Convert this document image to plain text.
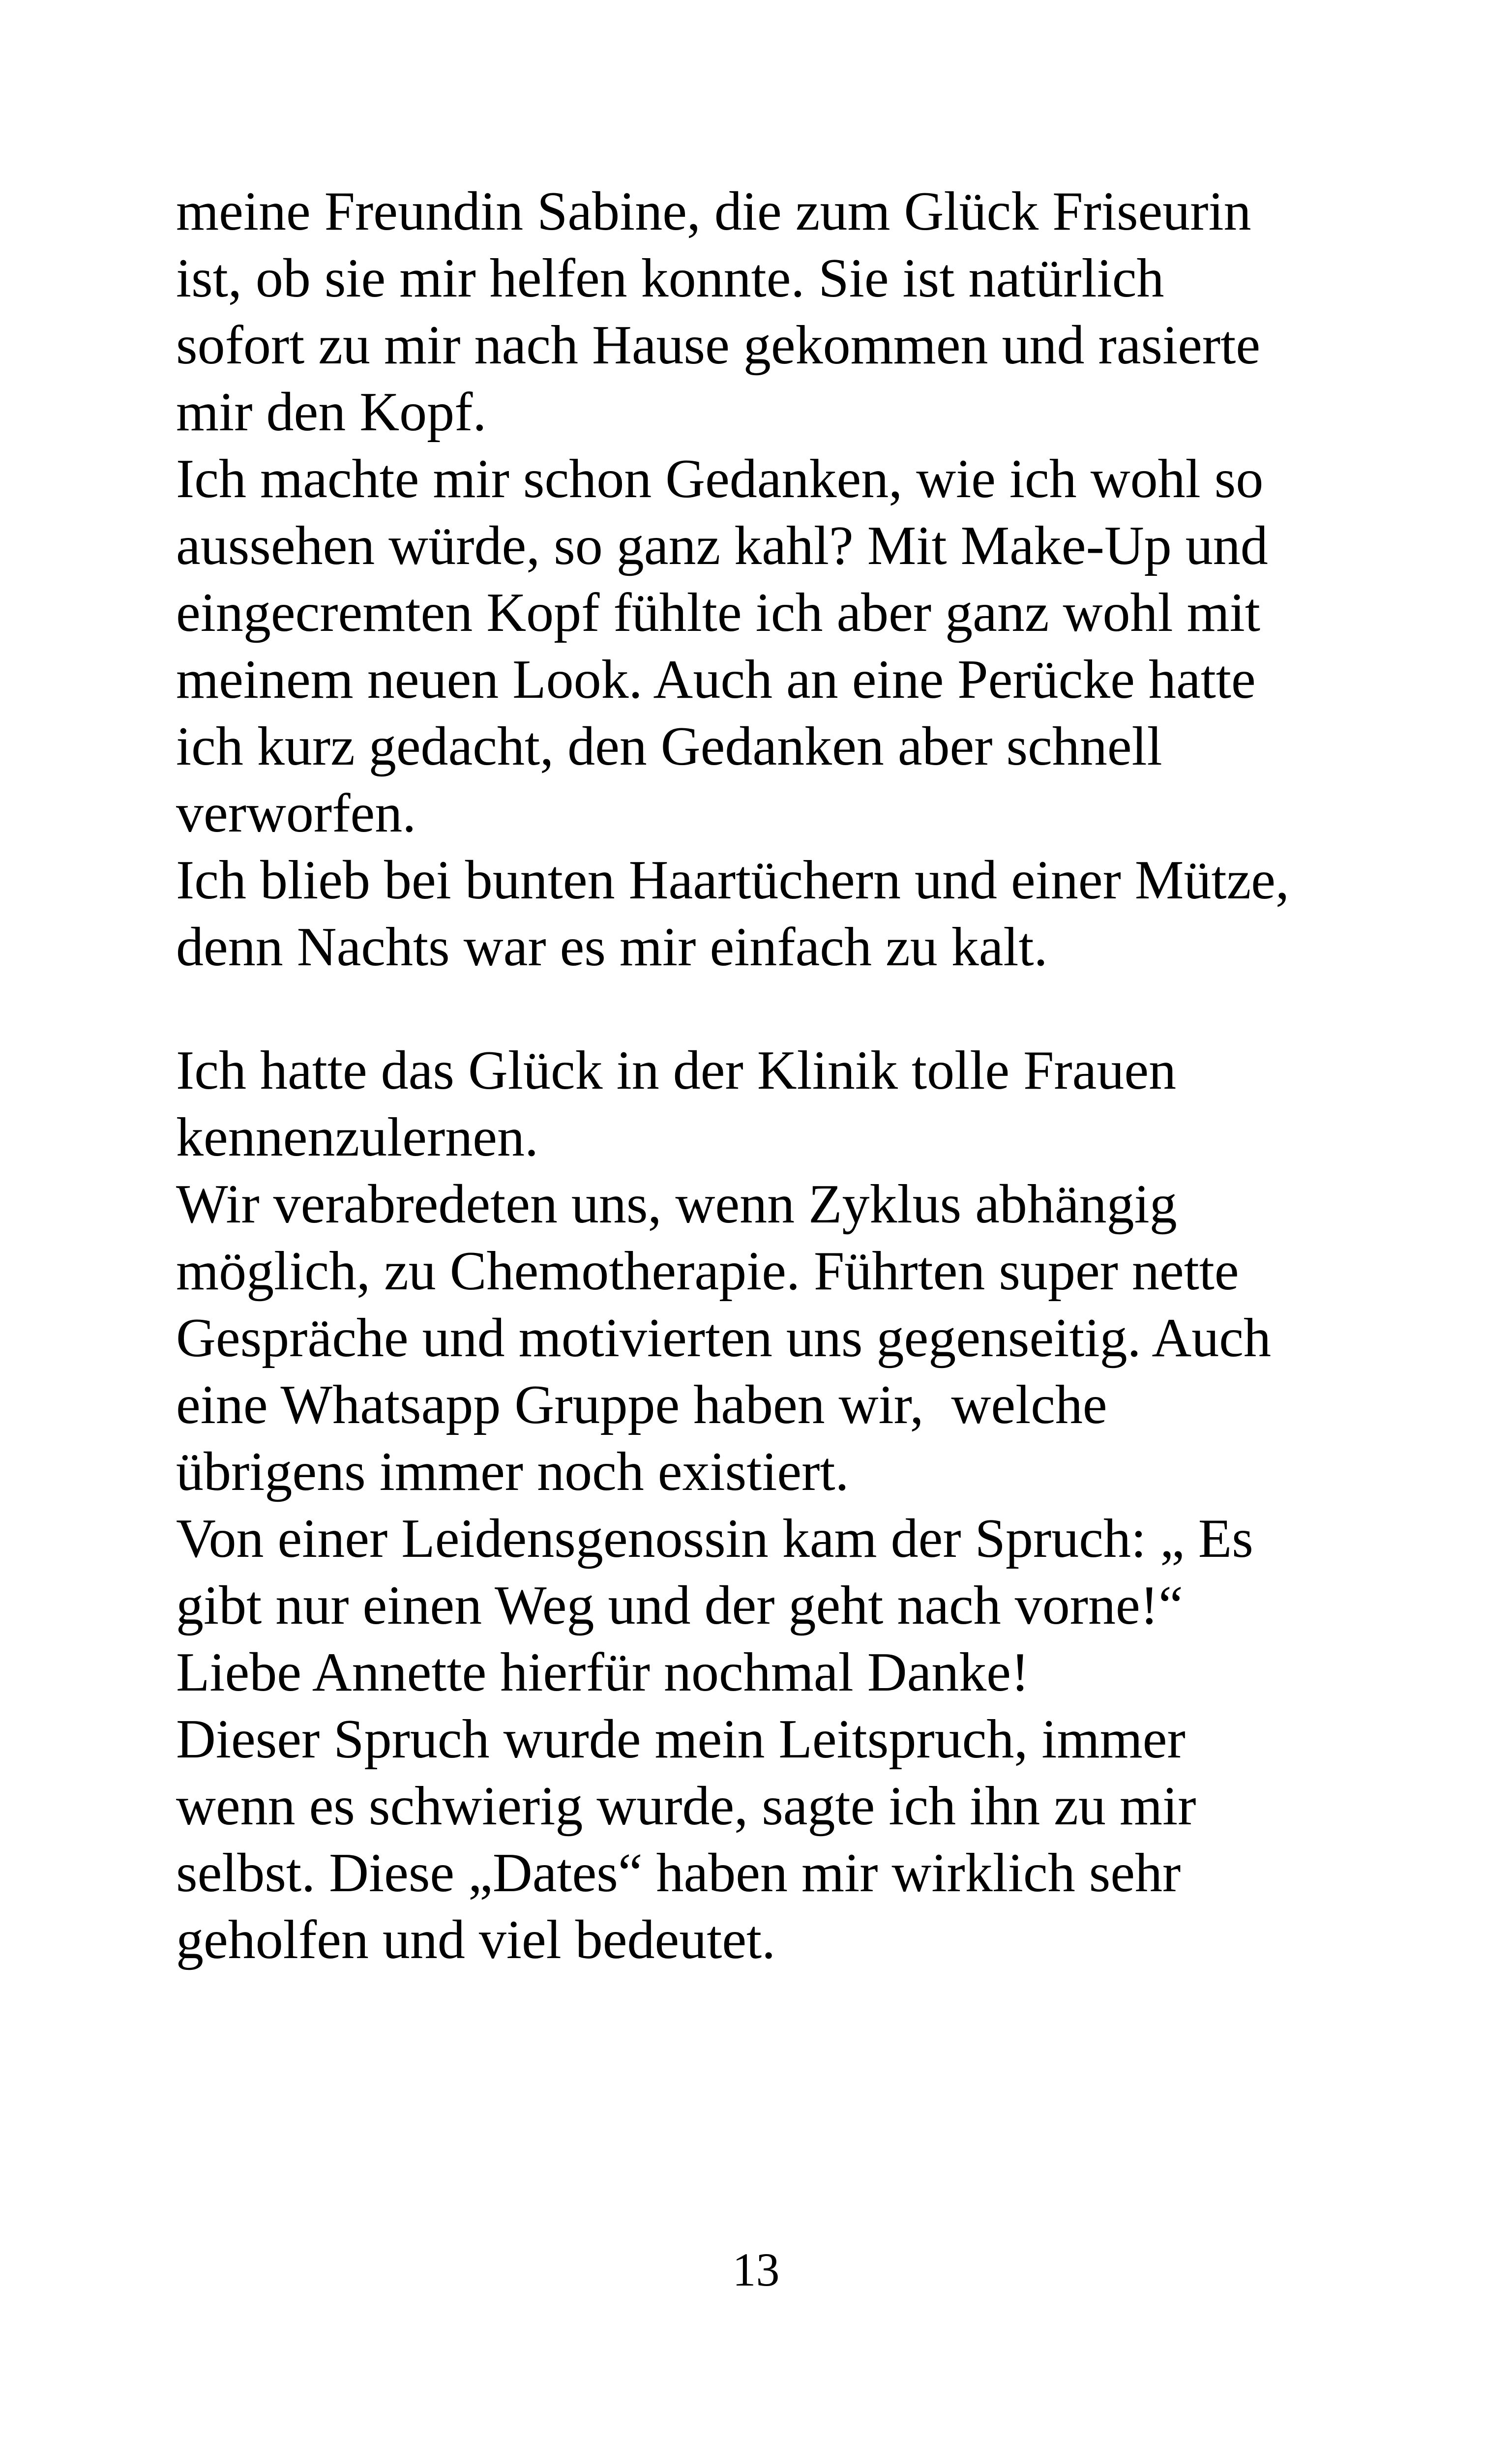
meine Freundin Sabine, die zum Glück Friseurin
ist, ob sie mir helfen konnte. Sie ist natürlich
sofort zu mir nach Hause gekommen und rasierte
mir den Kopf.
Ich machte mir schon Gedanken, wie ich wohl so
aussehen würde, so ganz kahl? Mit Make-Up und
eingecremten Kopf fühlte ich aber ganz wohl mit
meinem neuen Look. Auch an eine Perücke hatte
ich kurz gedacht, den Gedanken aber schnell
verworfen.
Ich blieb bei bunten Haartüchern und einer Mütze,
denn Nachts war es mir einfach zu kalt.
Ich hatte das Glück in der Klinik tolle Frauen
kennenzulernen.
Wir verabredeten uns, wenn Zyklus abhängig
möglich, zu Chemotherapie. Führten super nette
Gespräche und motivierten uns gegenseitig. Auch
eine Whatsapp Gruppe haben wir,  welche
übrigens immer noch existiert.
Von einer Leidensgenossin kam der Spruch: „ Es
gibt nur einen Weg und der geht nach vorne!“
Liebe Annette hierfür nochmal Danke!
Dieser Spruch wurde mein Leitspruch, immer
wenn es schwierig wurde, sagte ich ihn zu mir
selbst. Diese „Dates“ haben mir wirklich sehr
geholfen und viel bedeutet.
13
